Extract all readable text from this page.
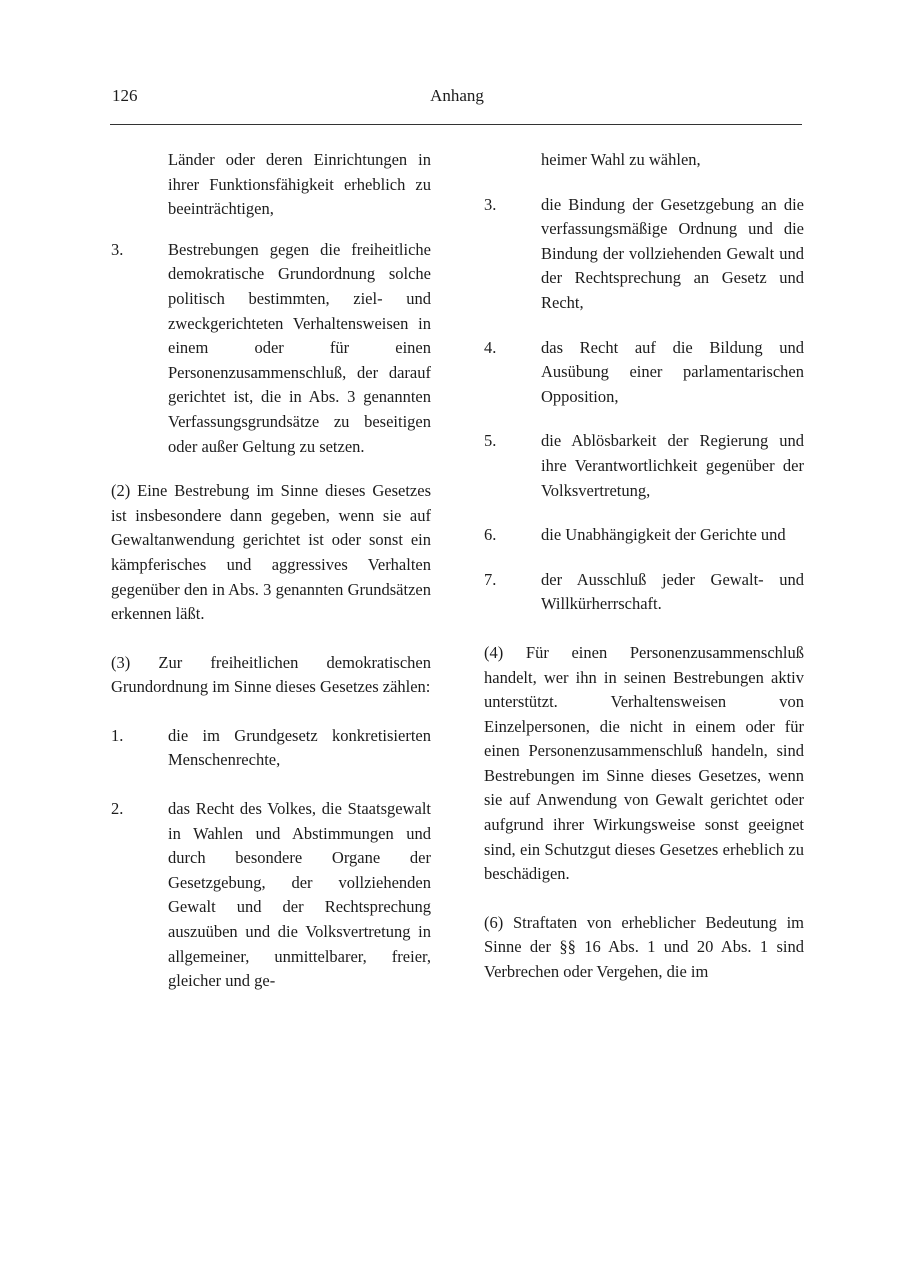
126	Anhang

Länder oder deren Einrichtungen in ihrer Funktionsfähigkeit erheblich zu beeinträchtigen,

3.	Bestrebungen gegen die freiheitliche demokratische Grundordnung solche politisch bestimmten, ziel- und zweckgerichteten Verhaltensweisen in einem oder für einen Personenzusammenschluß, der darauf gerichtet ist, die in Abs. 3 genannten Verfassungsgrundsätze zu beseitigen oder außer Geltung zu setzen.

(2) Eine Bestrebung im Sinne dieses Gesetzes ist insbesondere dann gegeben, wenn sie auf Gewaltanwendung gerichtet ist oder sonst ein kämpferisches und aggressives Verhalten gegenüber den in Abs. 3 genannten Grundsätzen erkennen läßt.

(3) Zur freiheitlichen demokratischen Grundordnung im Sinne dieses Gesetzes zählen:

1.	die im Grundgesetz konkretisierten Menschenrechte,
2.	das Recht des Volkes, die Staatsgewalt in Wahlen und Abstimmungen und durch besondere Organe der Gesetzgebung, der vollziehenden Gewalt und der Rechtsprechung auszuüben und die Volksvertretung in allgemeiner, unmittelbarer, freier, gleicher und ge-

heimer Wahl zu wählen,

3.	die Bindung der Gesetzgebung an die verfassungsmäßige Ordnung und die Bindung der vollziehenden Gewalt und der Rechtsprechung an Gesetz und Recht,
4.	das Recht auf die Bildung und Ausübung einer parlamentarischen Opposition,
5.	die Ablösbarkeit der Regierung und ihre Verantwortlichkeit gegenüber der Volksvertretung,
6.	die Unabhängigkeit der Gerichte und
7.	der Ausschluß jeder Gewalt- und Willkürherrschaft.

(4) Für einen Personenzusammenschluß handelt, wer ihn in seinen Bestrebungen aktiv unterstützt. Verhaltensweisen von Einzelpersonen, die nicht in einem oder für einen Personenzusammenschluß handeln, sind Bestrebungen im Sinne dieses Gesetzes, wenn sie auf Anwendung von Gewalt gerichtet oder aufgrund ihrer Wirkungsweise sonst geeignet sind, ein Schutzgut dieses Gesetzes erheblich zu beschädigen.

(6) Straftaten von erheblicher Bedeutung im Sinne der §§ 16 Abs. 1 und 20 Abs. 1 sind Verbrechen oder Vergehen, die im
